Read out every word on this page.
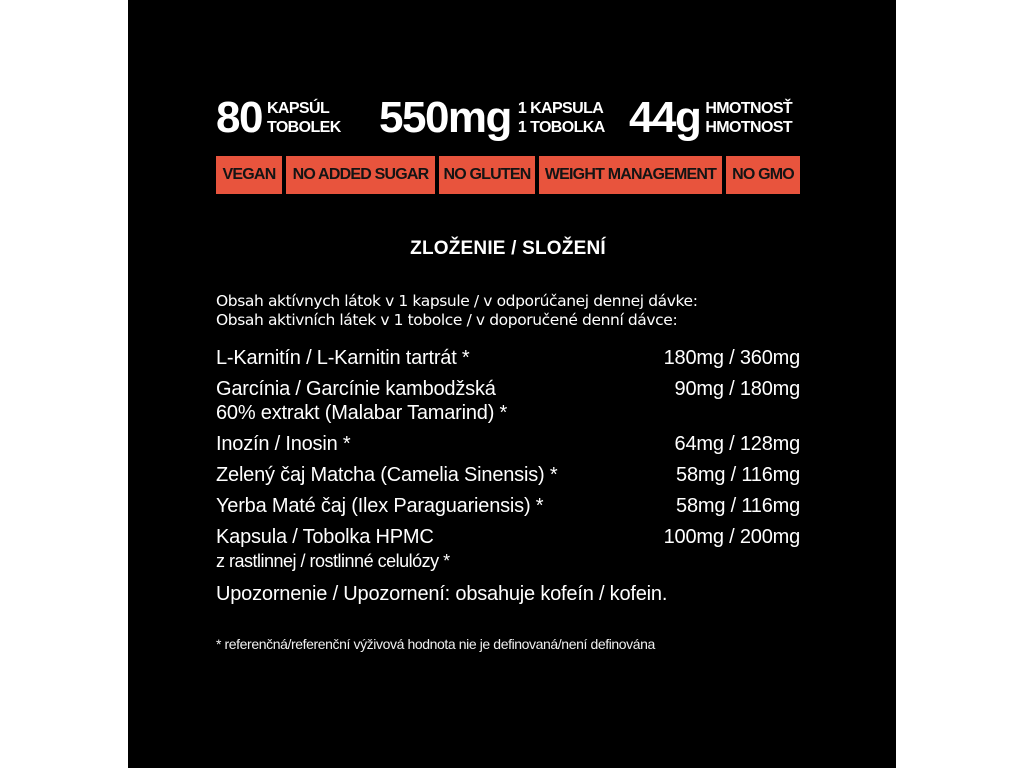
80 KAPSÚL
TOBOLEK 550mg 1 KAPSULA
1 TOBOLKA 44g HMOTNOSŤ
HMOTNOST
VEGAN	NO ADDED SUGAR NO GLUTEN WEIGHT MANAGEMENT NO GMO
ZLOŽENIE / SLOŽENÍ
Obsah aktívnych látok v 1 kapsule / v odporúčanej dennej dávke:
Obsah aktivních látek v 1 tobolce / v doporučené denní dávce:
L-Karnitín / L-Karnitin tartrát *	180mg / 360mg
Garcínia / Garcínie kambodžská
60% extrakt (Malabar Tamarind) *
90mg / 180mg
Inozín / Inosin *	64mg / 128mg
Zelený čaj Matcha (Camelia Sinensis) *	58mg / 116mg
Yerba Maté čaj (Ilex Paraguariensis) *	58mg / 116mg
Kapsula / Tobolka HPMC
z rastlinnej / rostlinné celulózy *
100mg / 200mg
Upozornenie / Upozornení: obsahuje kofeín / kofein.
* referenčná/referenční výživová hodnota nie je definovaná/není definována
